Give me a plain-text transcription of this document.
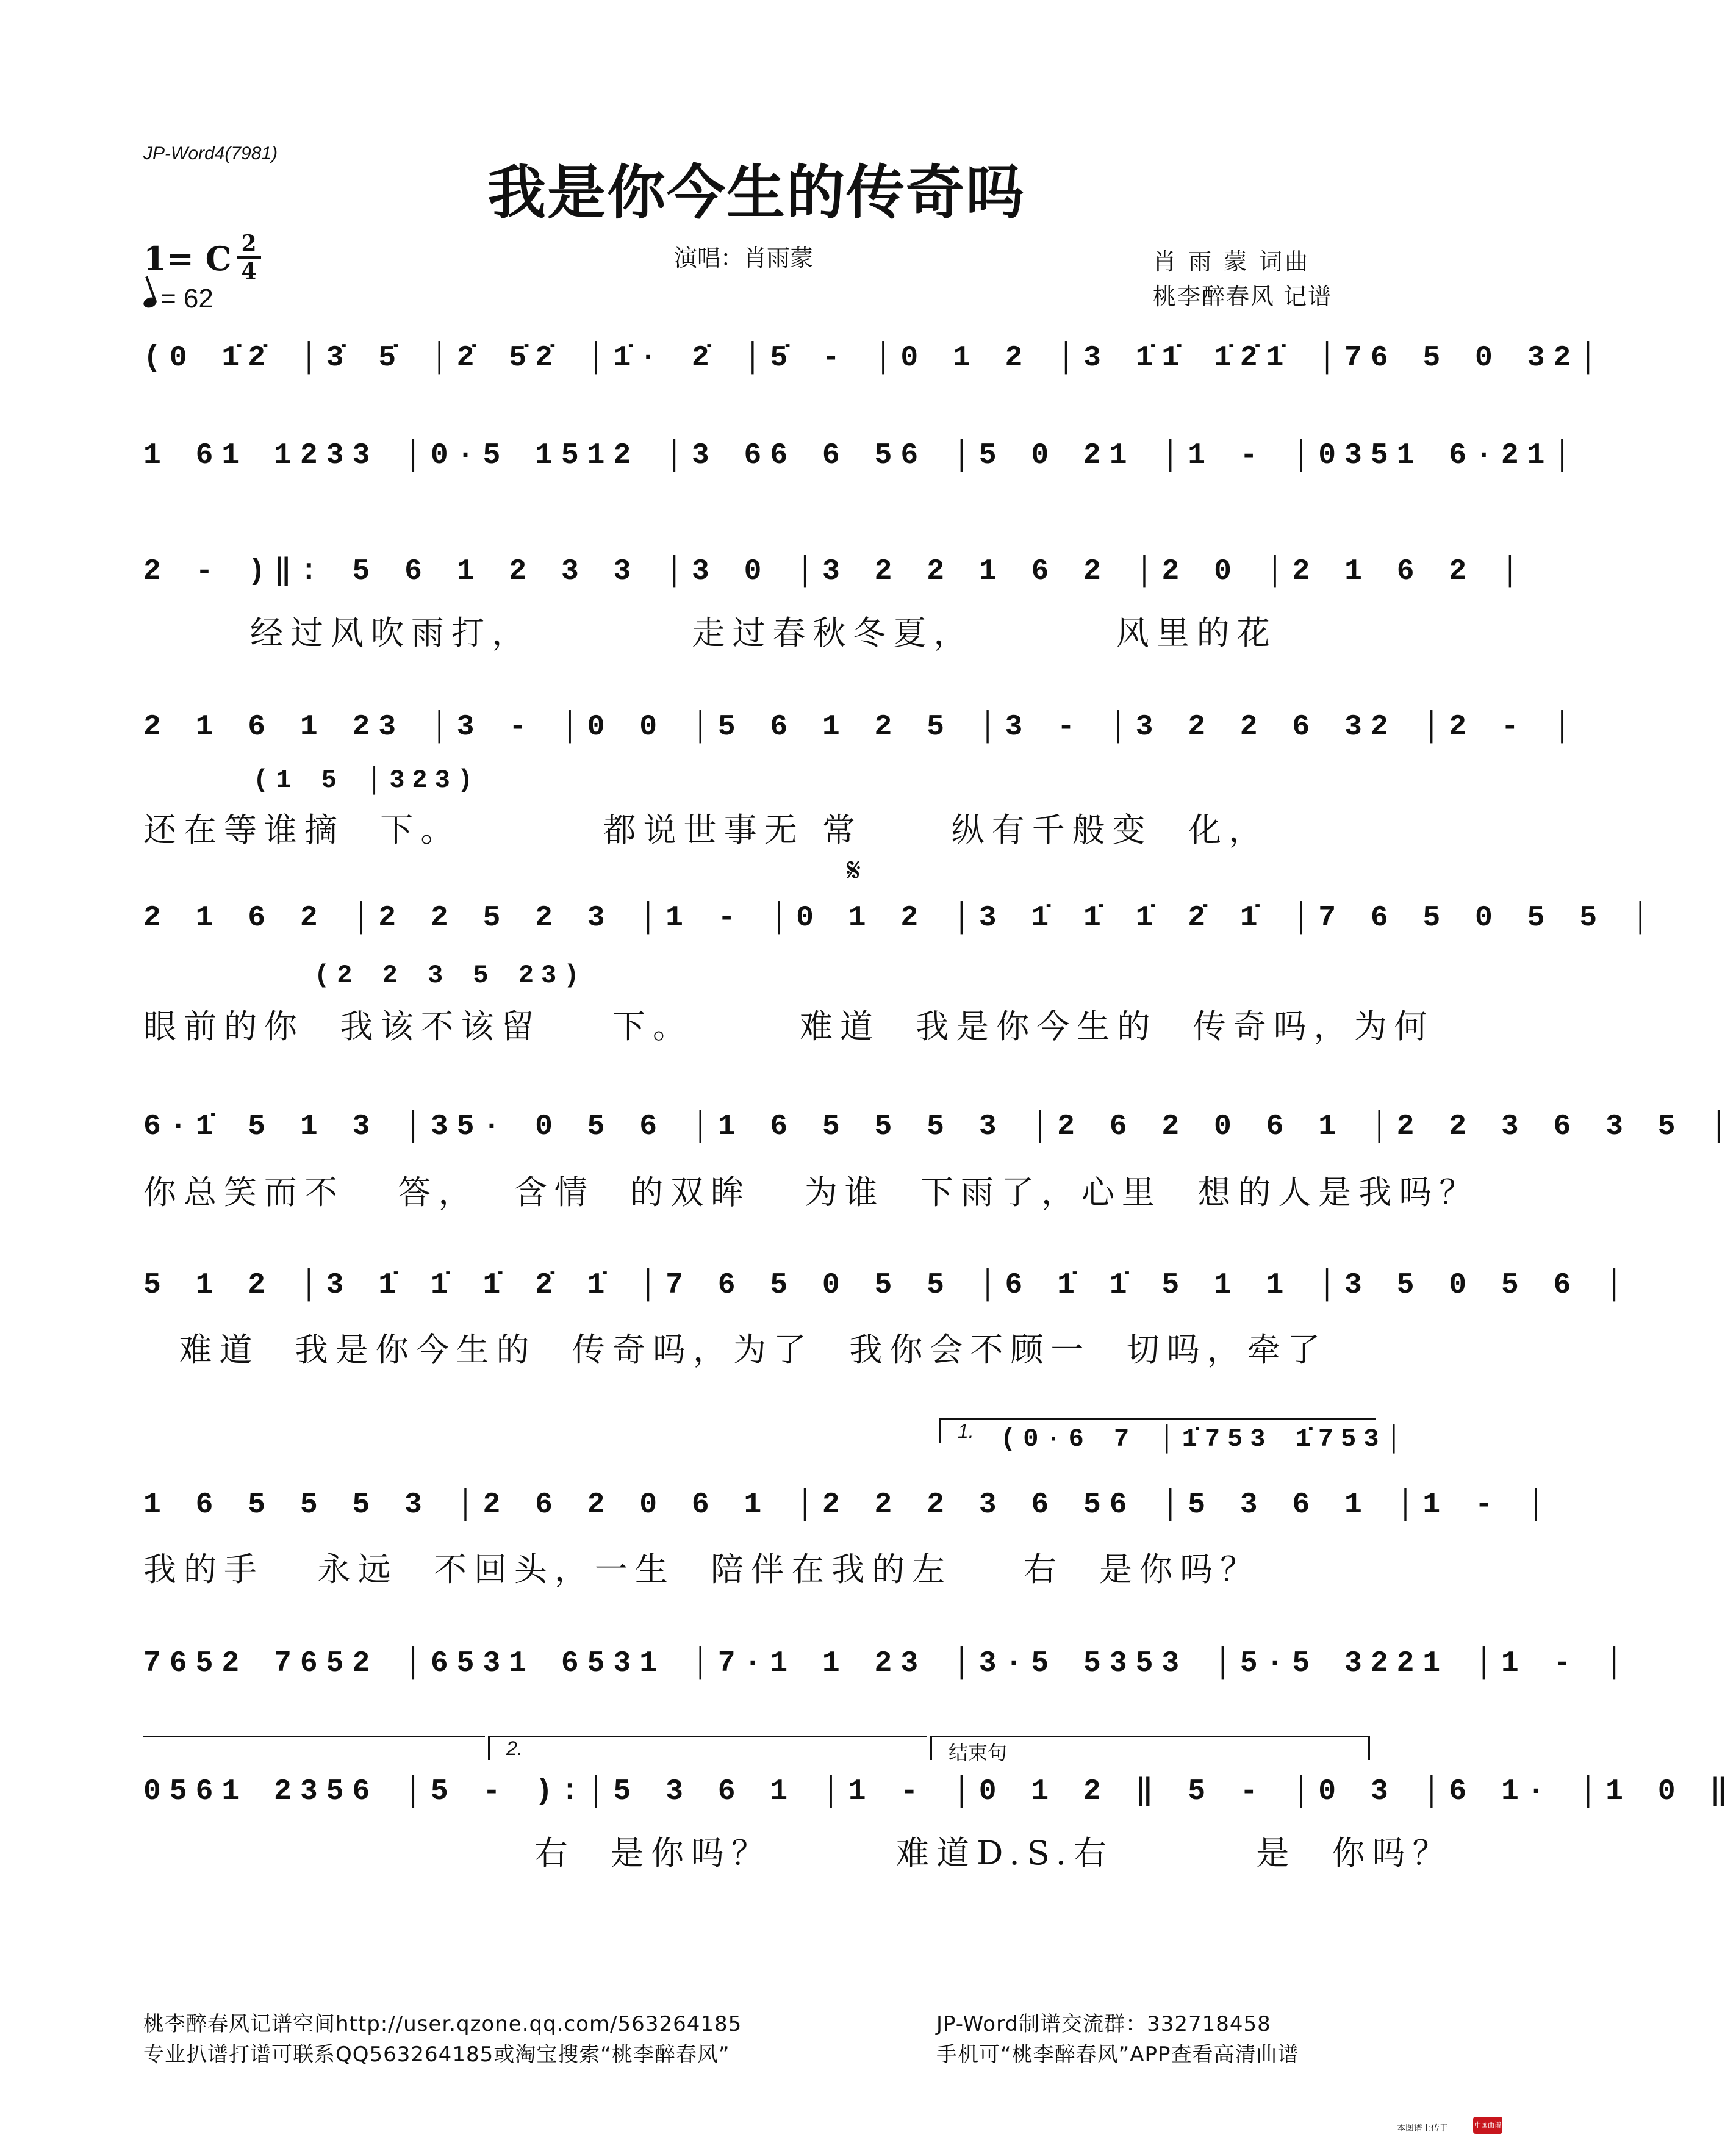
JP-Word4(7981)
我是你今生的传奇吗
演唱：肖雨蒙	肖 雨 蒙 词曲
桃李醉春风 记谱
1= C 2
4
= 62
(0 1̇2̇ │3̇ 5̇ │2̇ 5̇2̇ │1̇· 2̇ │5̇ - │0 1 2 │3 1̇1̇ 1̇2̇1̇ │76 5 0 32│
1 61 1233 │0·5 1512 │3 66 6 56 │5 0 21 │1 - │0351 6·21│
2 - )‖: 5 6 1 2 3 3 │3 0 │3 2 2 1 6 2 │2 0 │2 1 6 2 │
经过风吹雨打，         走过春秋冬夏，        风里的花
2 1 6 1 23 │3 - │0 0 │5 6 1 2 5 │3 - │3 2 2 6 32 │2 - │
(1 5 │323)
还在等谁摘  下。        都说世事无 常     纵有千般变  化，
𝄋
2 1 6 2 │2 2 5 2 3 │1 - │0 1 2 │3 1̇ 1̇ 1̇ 2̇ 1̇ │7 6 5 0 5 5 │
(2 2 3 5 23)
眼前的你  我该不该留    下。      难道  我是你今生的  传奇吗，为何
6·1̇ 5 1 3 │35· 0 5 6 │1 6 5 5 5 3 │2 6 2 0 6 1 │2 2 3 6 3 5 │
你总笑而不   答，  含情  的双眸   为谁  下雨了，心里  想的人是我吗？
5 1 2 │3 1̇ 1̇ 1̇ 2̇ 1̇ │7 6 5 0 5 5 │6 1̇ 1̇ 5 1 1 │3 5 0 5 6 │
难道  我是你今生的  传奇吗，为了  我你会不顾一  切吗，牵了
1. (0·6 7 │1̇753 1̇753│
1 6 5 5 5 3 │2 6 2 0 6 1 │2 2 2 3 6 56 │5 3 6 1 │1 - │
我的手   永远  不回头，一生  陪伴在我的左    右  是你吗？
7652 7652 │6531 6531 │7·1 1 23 │3·5 5353 │5·5 3221 │1 - │
2.	结束句
0561 2356 │5 - ):│5 3 6 1 │1 - │0 1 2 ‖ 5 - │0 3 │6 1· │1 0 ‖
右  是你吗？       难道D.S.右        是  你吗？
桃李醉春风记谱空间http://user.qzone.qq.com/563264185
专业扒谱打谱可联系QQ563264185或淘宝搜索“桃李醉春风”
JP-Word制谱交流群：332718458
手机可“桃李醉春风”APP查看高清曲谱
本图谱上传于	中国曲谱网
